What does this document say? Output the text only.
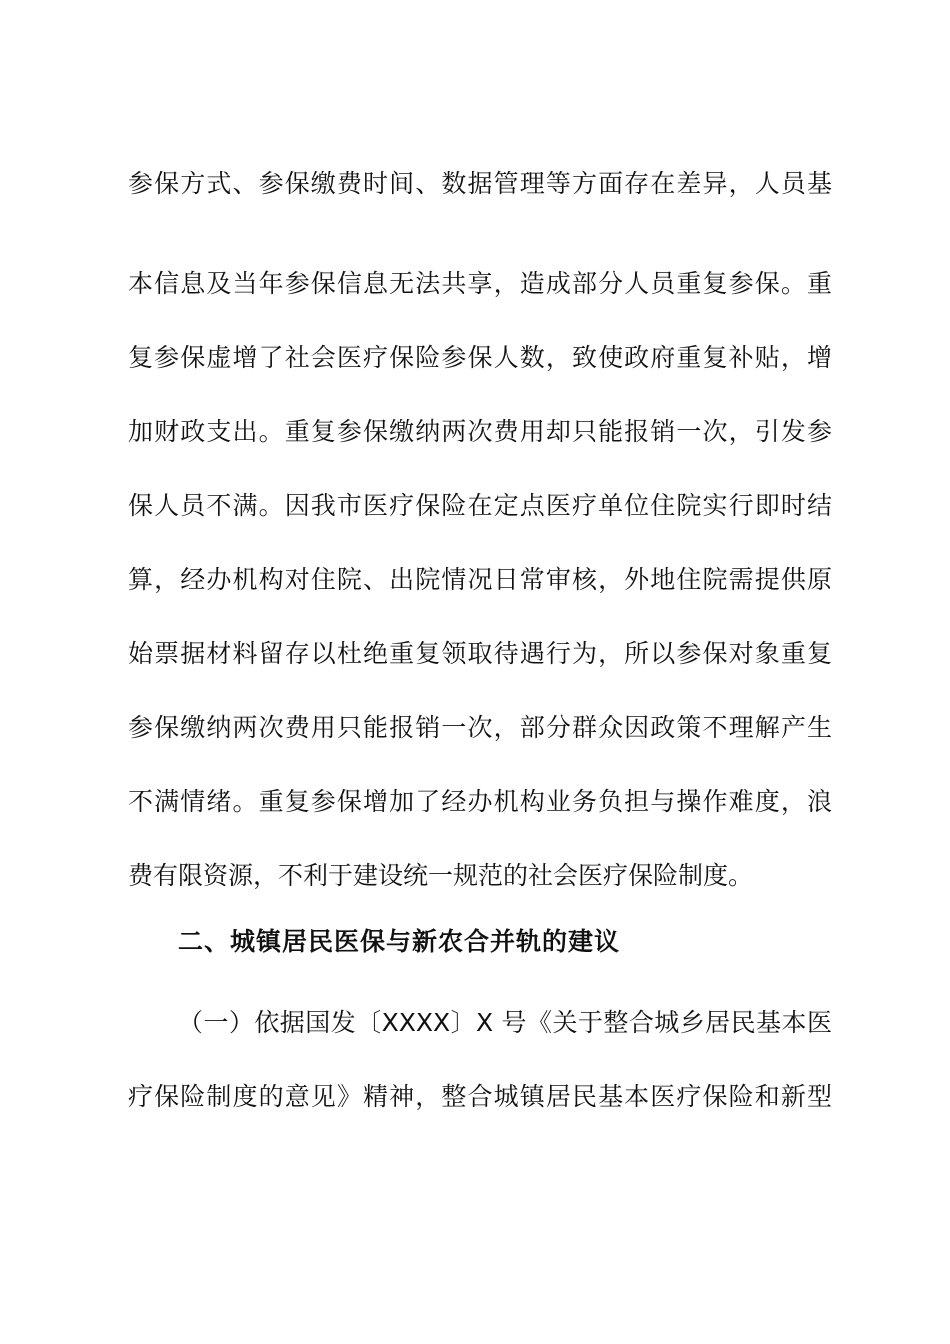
参保方式、参保缴费时间、数据管理等方面存在差异，人员基
本信息及当年参保信息无法共享，造成部分人员重复参保。重
复参保虚增了社会医疗保险参保人数，致使政府重复补贴，增
加财政支出。重复参保缴纳两次费用却只能报销一次，引发参
保人员不满。因我市医疗保险在定点医疗单位住院实行即时结
算，经办机构对住院、出院情况日常审核，外地住院需提供原
始票据材料留存以杜绝重复领取待遇行为，所以参保对象重复
参保缴纳两次费用只能报销一次，部分群众因政策不理解产生
不满情绪。重复参保增加了经办机构业务负担与操作难度，浪
费有限资源，不利于建设统一规范的社会医疗保险制度。
二、城镇居民医保与新农合并轨的建议
（一）依据国发〔XXXX〕X 号《关于整合城乡居民基本医
疗保险制度的意见》精神，整合城镇居民基本医疗保险和新型
